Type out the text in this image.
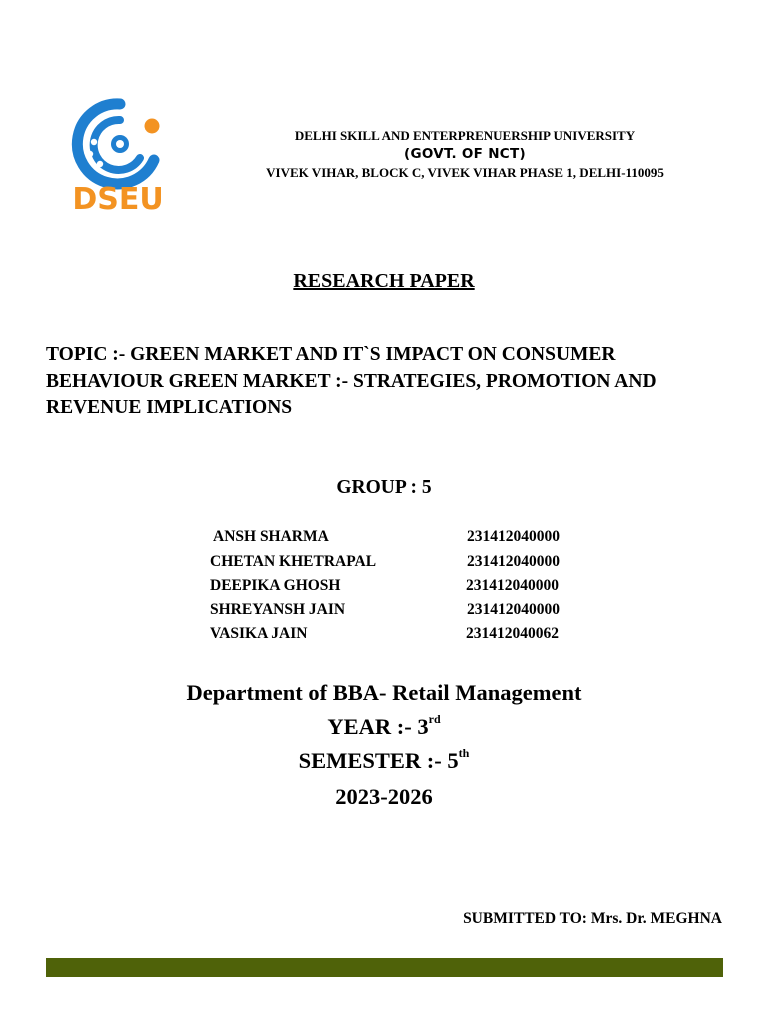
DSEU
DELHI SKILL AND ENTERPRENUERSHIP UNIVERSITY
(GOVT. OF NCT)
VIVEK VIHAR, BLOCK C, VIVEK VIHAR PHASE 1, DELHI-110095
RESEARCH PAPER
TOPIC :- GREEN MARKET AND IT`S IMPACT ON CONSUMER BEHAVIOUR GREEN MARKET :- STRATEGIES, PROMOTION AND REVENUE IMPLICATIONS
GROUP : 5
ANSH SHARMA	231412040000
CHETAN KHETRAPAL	231412040000
DEEPIKA GHOSH	231412040000
SHREYANSH JAIN	231412040000
VASIKA JAIN	231412040062
Department of BBA- Retail Management
YEAR :- 3rd
SEMESTER :- 5th
2023-2026
SUBMITTED TO: Mrs. Dr. MEGHNA
